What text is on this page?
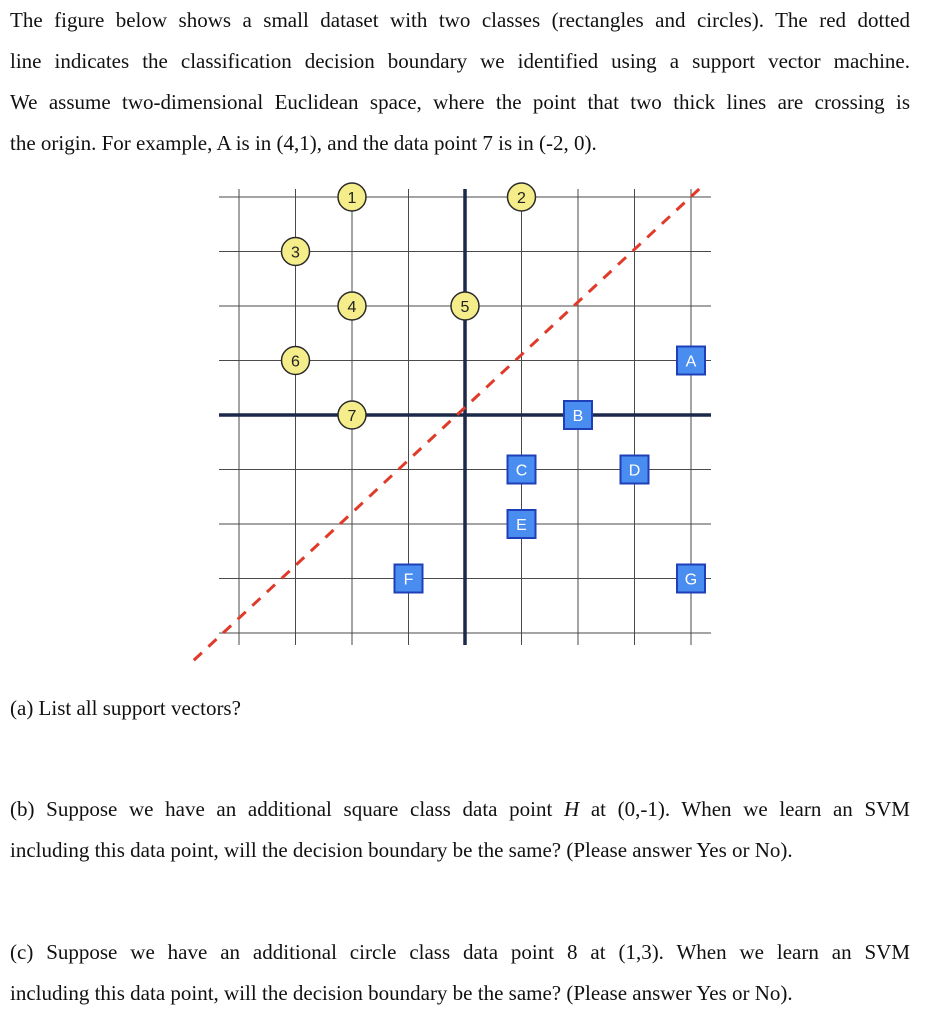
The figure below shows a small dataset with two classes (rectangles and circles). The red dotted
line indicates the classification decision boundary we identified using a support vector machine.
We assume two-dimensional Euclidean space, where the point that two thick lines are crossing is
the origin. For example, A is in (4,1), and the data point 7 is in (-2, 0).
1	2
3
4	5
6
7
A
B
C	D
E
F	G
(a) List all support vectors?
(b) Suppose we have an additional square class data point H at (0,-1). When we learn an SVM
including this data point, will the decision boundary be the same? (Please answer Yes or No).
(c) Suppose we have an additional circle class data point 8 at (1,3). When we learn an SVM
including this data point, will the decision boundary be the same? (Please answer Yes or No).
